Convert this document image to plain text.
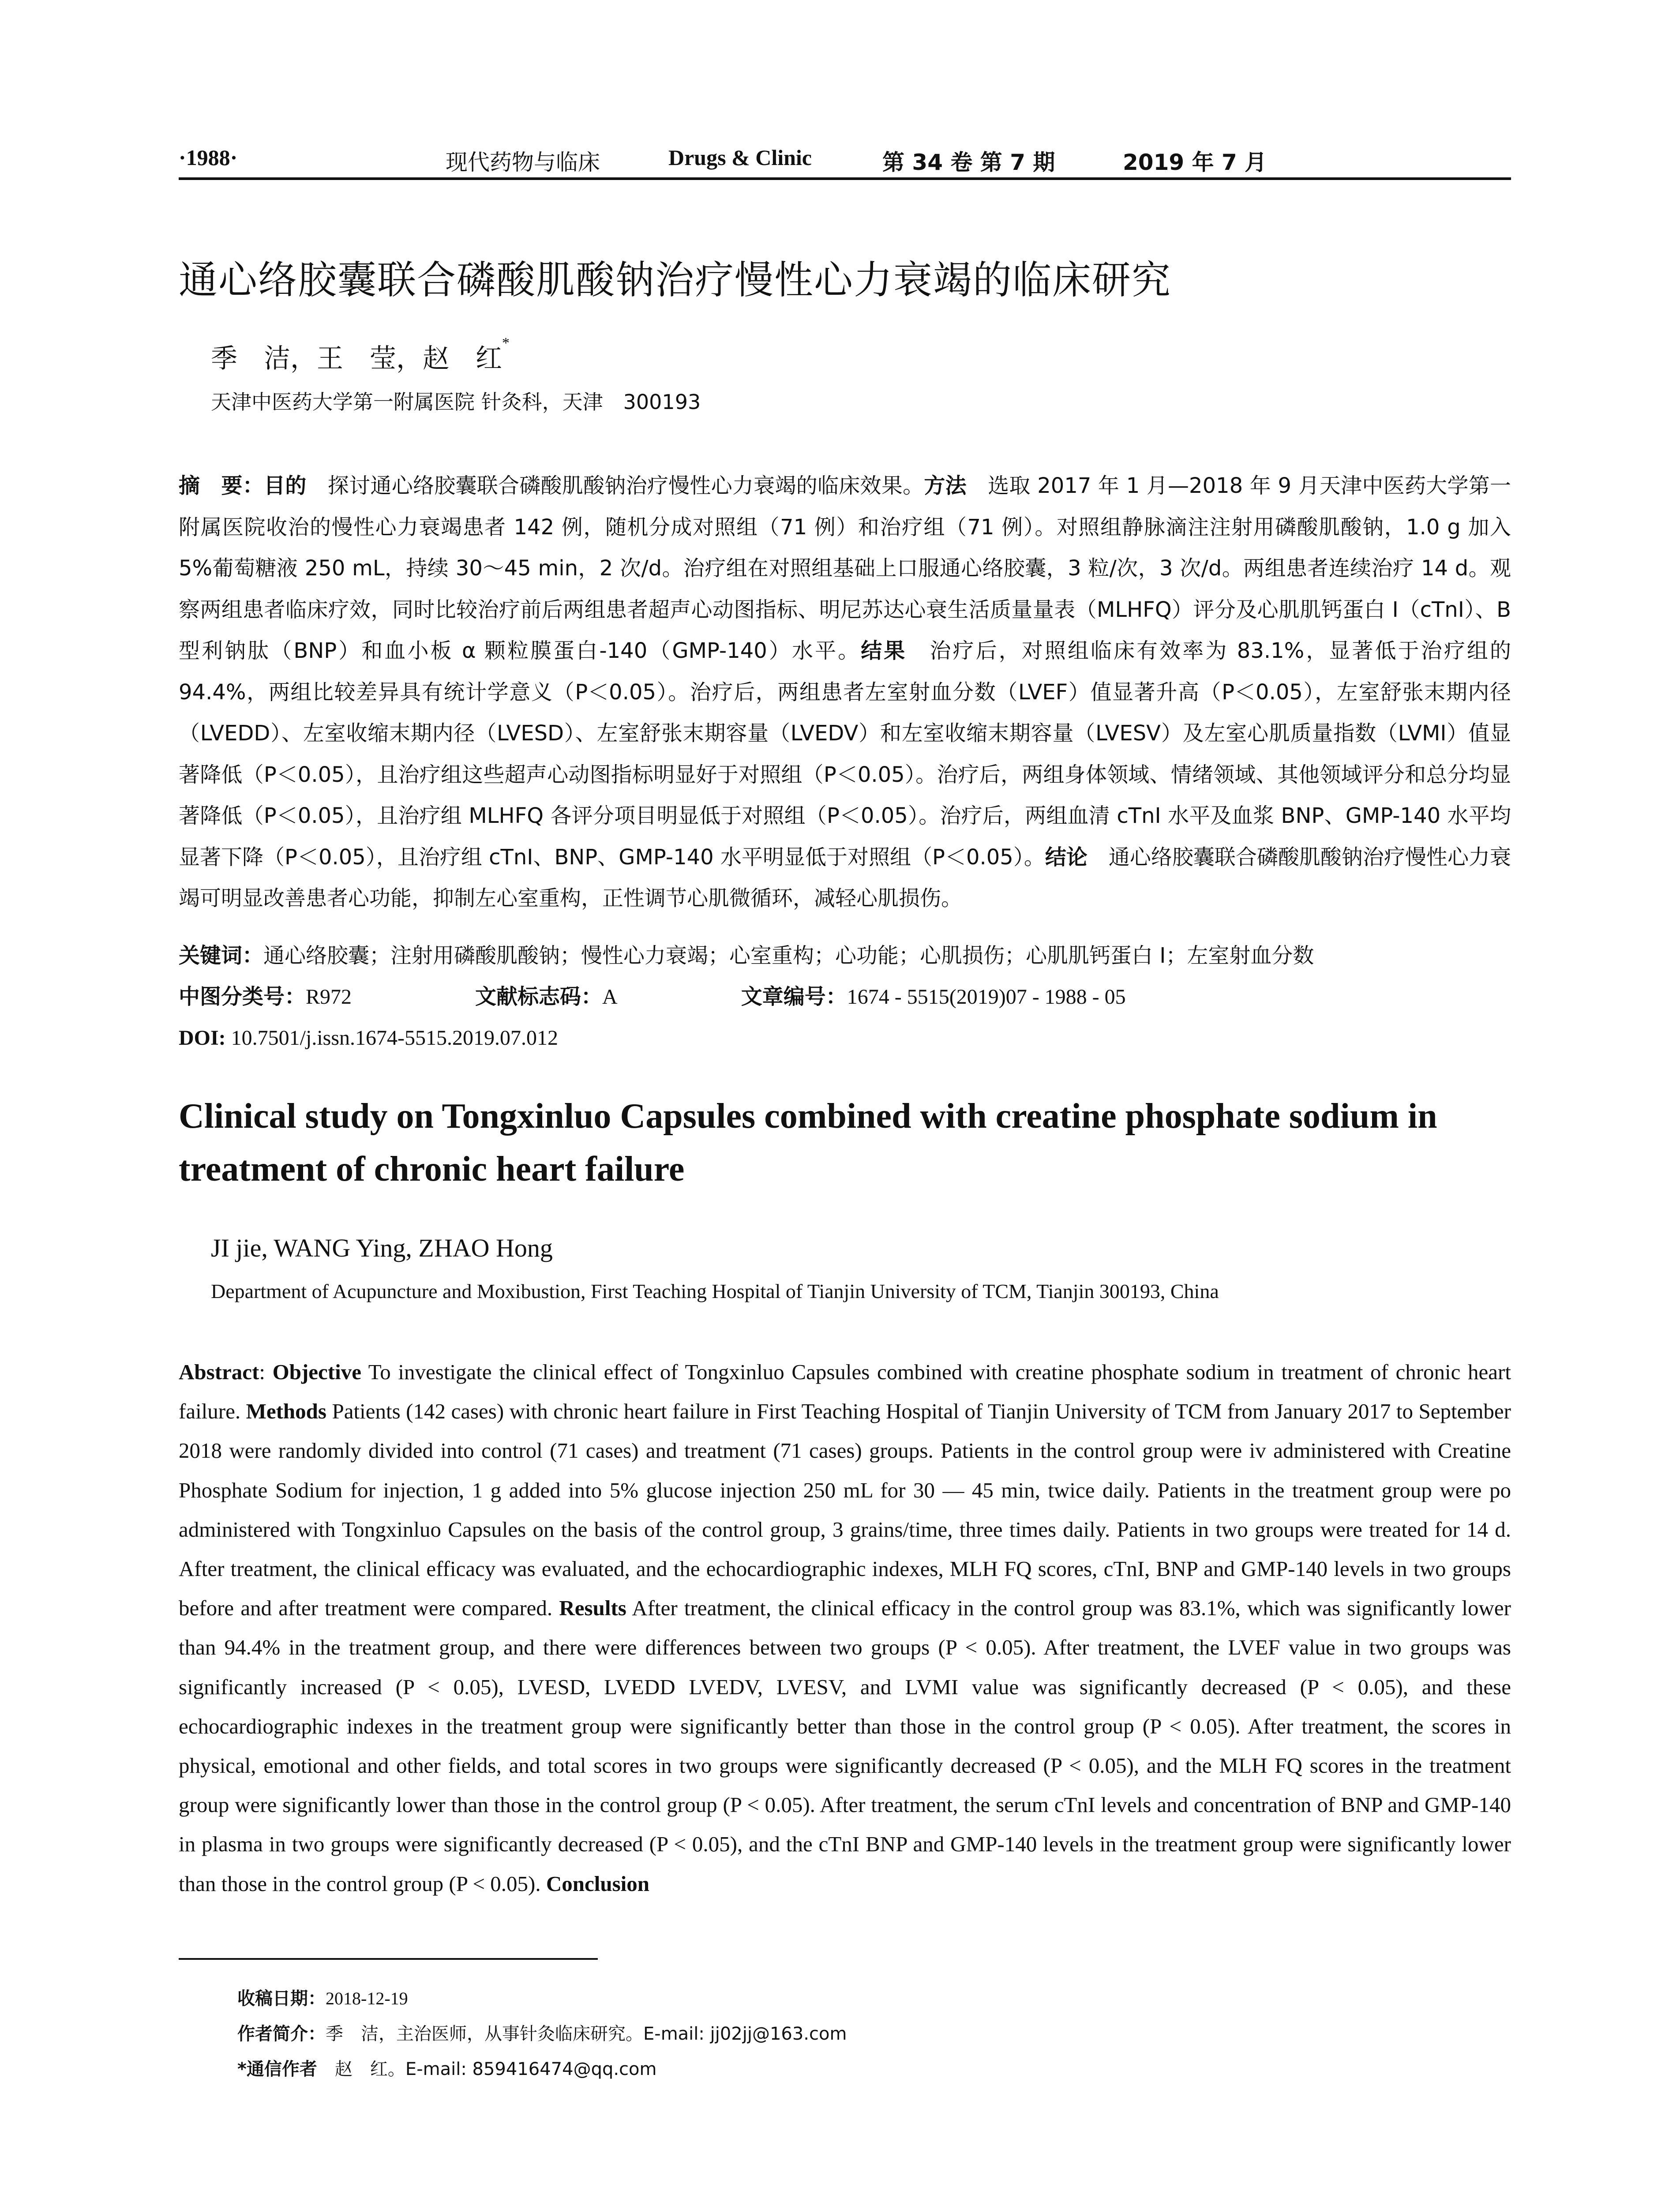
·1988·	现代药物与临床	Drugs & Clinic	第 34 卷 第 7 期	2019 年 7 月
通心络胶囊联合磷酸肌酸钠治疗慢性心力衰竭的临床研究
季　洁，王　莹，赵　红*
天津中医药大学第一附属医院 针灸科，天津　300193
摘　要：目的　探讨通心络胶囊联合磷酸肌酸钠治疗慢性心力衰竭的临床效果。方法　选取 2017 年 1 月—2018 年 9 月天津中医药大学第一附属医院收治的慢性心力衰竭患者 142 例，随机分成对照组（71 例）和治疗组（71 例）。对照组静脉滴注注射用磷酸肌酸钠，1.0 g 加入 5%葡萄糖液 250 mL，持续 30～45 min，2 次/d。治疗组在对照组基础上口服通心络胶囊，3 粒/次，3 次/d。两组患者连续治疗 14 d。观察两组患者临床疗效，同时比较治疗前后两组患者超声心动图指标、明尼苏达心衰生活质量量表（MLHFQ）评分及心肌肌钙蛋白 I（cTnI）、B 型利钠肽（BNP）和血小板 α 颗粒膜蛋白-140（GMP-140）水平。结果　治疗后，对照组临床有效率为 83.1%，显著低于治疗组的 94.4%，两组比较差异具有统计学意义（P＜0.05）。治疗后，两组患者左室射血分数（LVEF）值显著升高（P＜0.05），左室舒张末期内径（LVEDD）、左室收缩末期内径（LVESD）、左室舒张末期容量（LVEDV）和左室收缩末期容量（LVESV）及左室心肌质量指数（LVMI）值显著降低（P＜0.05），且治疗组这些超声心动图指标明显好于对照组（P＜0.05）。治疗后，两组身体领域、情绪领域、其他领域评分和总分均显著降低（P＜0.05），且治疗组 MLHFQ 各评分项目明显低于对照组（P＜0.05）。治疗后，两组血清 cTnI 水平及血浆 BNP、GMP-140 水平均显著下降（P＜0.05），且治疗组 cTnI、BNP、GMP-140 水平明显低于对照组（P＜0.05）。结论　通心络胶囊联合磷酸肌酸钠治疗慢性心力衰竭可明显改善患者心功能，抑制左心室重构，正性调节心肌微循环，减轻心肌损伤。
关键词：通心络胶囊；注射用磷酸肌酸钠；慢性心力衰竭；心室重构；心功能；心肌损伤；心肌肌钙蛋白 I；左室射血分数
中图分类号：R972	文献标志码：A	文章编号：1674 - 5515(2019)07 - 1988 - 05
DOI: 10.7501/j.issn.1674-5515.2019.07.012
Clinical study on Tongxinluo Capsules combined with creatine phosphate sodium in treatment of chronic heart failure
JI jie, WANG Ying, ZHAO Hong
Department of Acupuncture and Moxibustion, First Teaching Hospital of Tianjin University of TCM, Tianjin 300193, China
Abstract: Objective To investigate the clinical effect of Tongxinluo Capsules combined with creatine phosphate sodium in treatment of chronic heart failure. Methods Patients (142 cases) with chronic heart failure in First Teaching Hospital of Tianjin University of TCM from January 2017 to September 2018 were randomly divided into control (71 cases) and treatment (71 cases) groups. Patients in the control group were iv administered with Creatine Phosphate Sodium for injection, 1 g added into 5% glucose injection 250 mL for 30 — 45 min, twice daily. Patients in the treatment group were po administered with Tongxinluo Capsules on the basis of the control group, 3 grains/time, three times daily. Patients in two groups were treated for 14 d. After treatment, the clinical efficacy was evaluated, and the echocardiographic indexes, MLH FQ scores, cTnI, BNP and GMP-140 levels in two groups before and after treatment were compared. Results After treatment, the clinical efficacy in the control group was 83.1%, which was significantly lower than 94.4% in the treatment group, and there were differences between two groups (P < 0.05). After treatment, the LVEF value in two groups was significantly increased (P < 0.05), LVESD, LVEDD LVEDV, LVESV, and LVMI value was significantly decreased (P < 0.05), and these echocardiographic indexes in the treatment group were significantly better than those in the control group (P < 0.05). After treatment, the scores in physical, emotional and other fields, and total scores in two groups were significantly decreased (P < 0.05), and the MLH FQ scores in the treatment group were significantly lower than those in the control group (P < 0.05). After treatment, the serum cTnI levels and concentration of BNP and GMP-140 in plasma in two groups were significantly decreased (P < 0.05), and the cTnI BNP and GMP-140 levels in the treatment group were significantly lower than those in the control group (P < 0.05). Conclusion
收稿日期：2018-12-19
作者简介：季　洁，主治医师，从事针灸临床研究。E-mail: jj02jj@163.com
*通信作者　赵　红。E-mail: 859416474@qq.com
